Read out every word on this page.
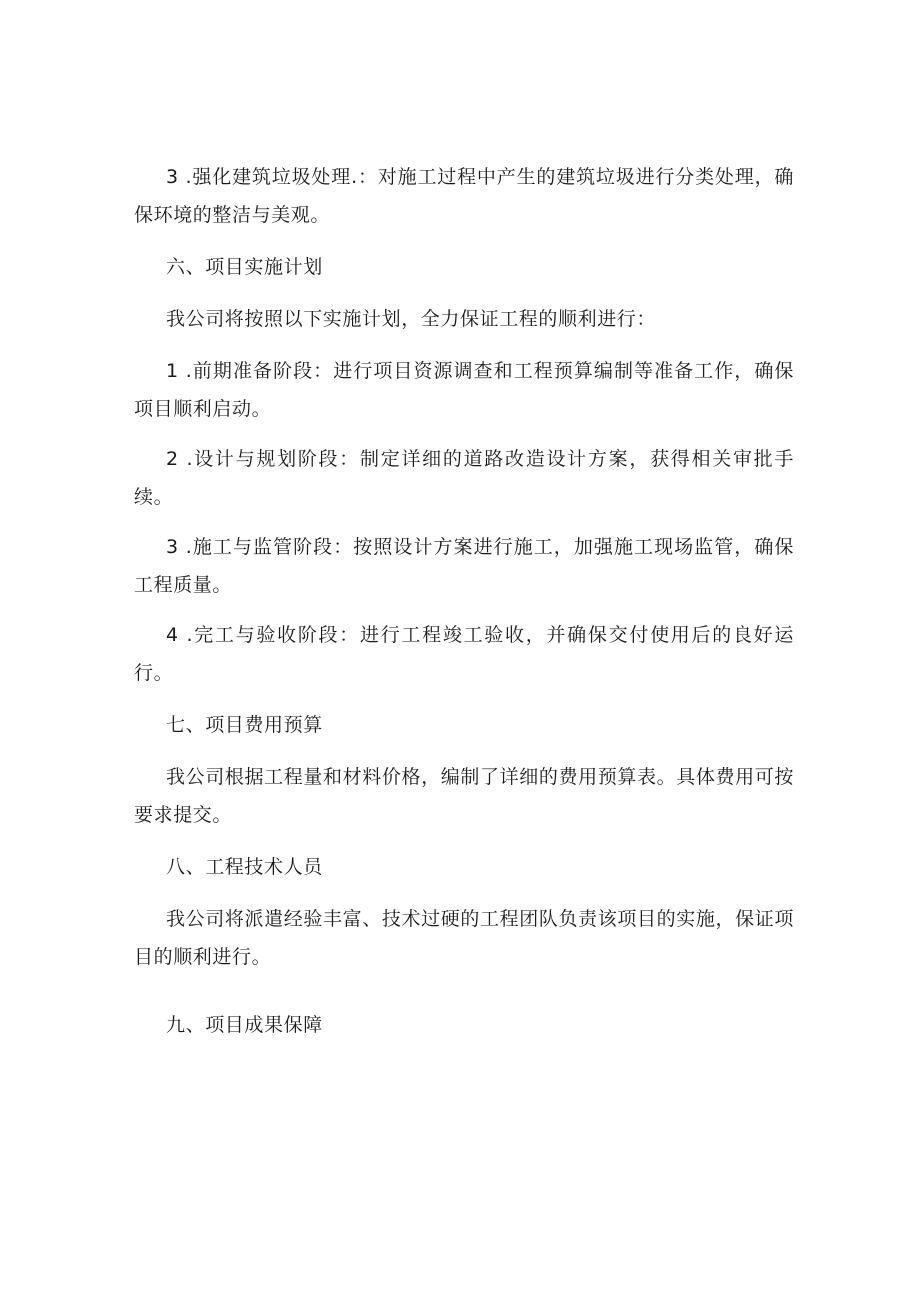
3 .强化建筑垃圾处理.：对施工过程中产生的建筑垃圾进行分类处理，确保环境的整洁与美观。

六、项目实施计划

我公司将按照以下实施计划，全力保证工程的顺利进行：

1 .前期准备阶段：进行项目资源调查和工程预算编制等准备工作，确保项目顺利启动。

2 .设计与规划阶段：制定详细的道路改造设计方案，获得相关审批手续。

3 .施工与监管阶段：按照设计方案进行施工，加强施工现场监管，确保工程质量。

4 .完工与验收阶段：进行工程竣工验收，并确保交付使用后的良好运行。

七、项目费用预算

我公司根据工程量和材料价格，编制了详细的费用预算表。具体费用可按要求提交。

八、工程技术人员

我公司将派遣经验丰富、技术过硬的工程团队负责该项目的实施，保证项目的顺利进行。

九、项目成果保障
